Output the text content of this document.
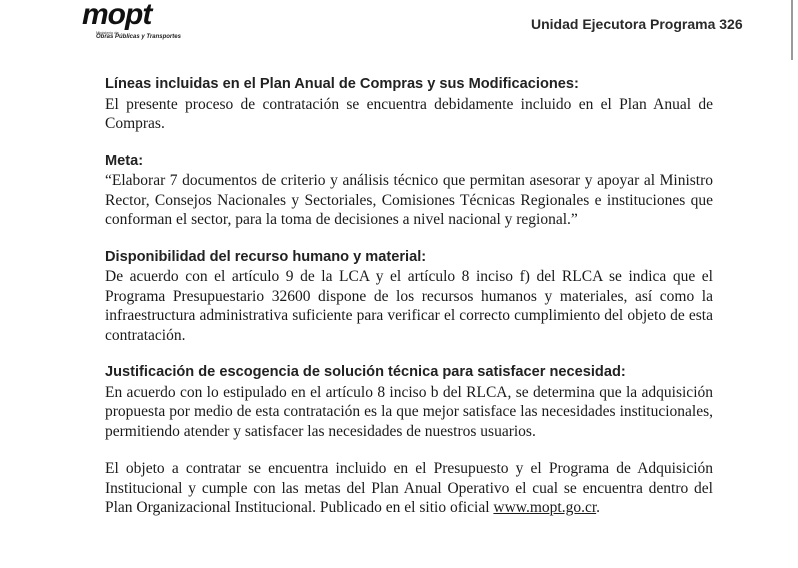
mopt
Ministerio de
Obras Públicas y Transportes
Unidad Ejecutora Programa 326
Líneas incluidas en el Plan Anual de Compras y sus Modificaciones:
El presente proceso de contratación se encuentra debidamente incluido en el Plan Anual de Compras.
Meta:
“Elaborar 7 documentos de criterio y análisis técnico que permitan asesorar y apoyar al Ministro Rector, Consejos Nacionales y Sectoriales, Comisiones Técnicas Regionales e instituciones que conforman el sector, para la toma de decisiones a nivel nacional y regional.”
Disponibilidad del recurso humano y material:
De acuerdo con el artículo 9 de la LCA y el artículo 8 inciso f) del RLCA se indica que el Programa Presupuestario 32600 dispone de los recursos humanos y materiales, así como la infraestructura administrativa suficiente para verificar el correcto cumplimiento del objeto de esta contratación.
Justificación de escogencia de solución técnica para satisfacer necesidad:
En acuerdo con lo estipulado en el artículo 8 inciso b del RLCA, se determina que la adquisición propuesta por medio de esta contratación es la que mejor satisface las necesidades institucionales, permitiendo atender y satisfacer las necesidades de nuestros usuarios.
El objeto a contratar se encuentra incluido en el Presupuesto y el Programa de Adquisición Institucional y cumple con las metas del Plan Anual Operativo el cual se encuentra dentro del Plan Organizacional Institucional. Publicado en el sitio oficial www.mopt.go.cr.
